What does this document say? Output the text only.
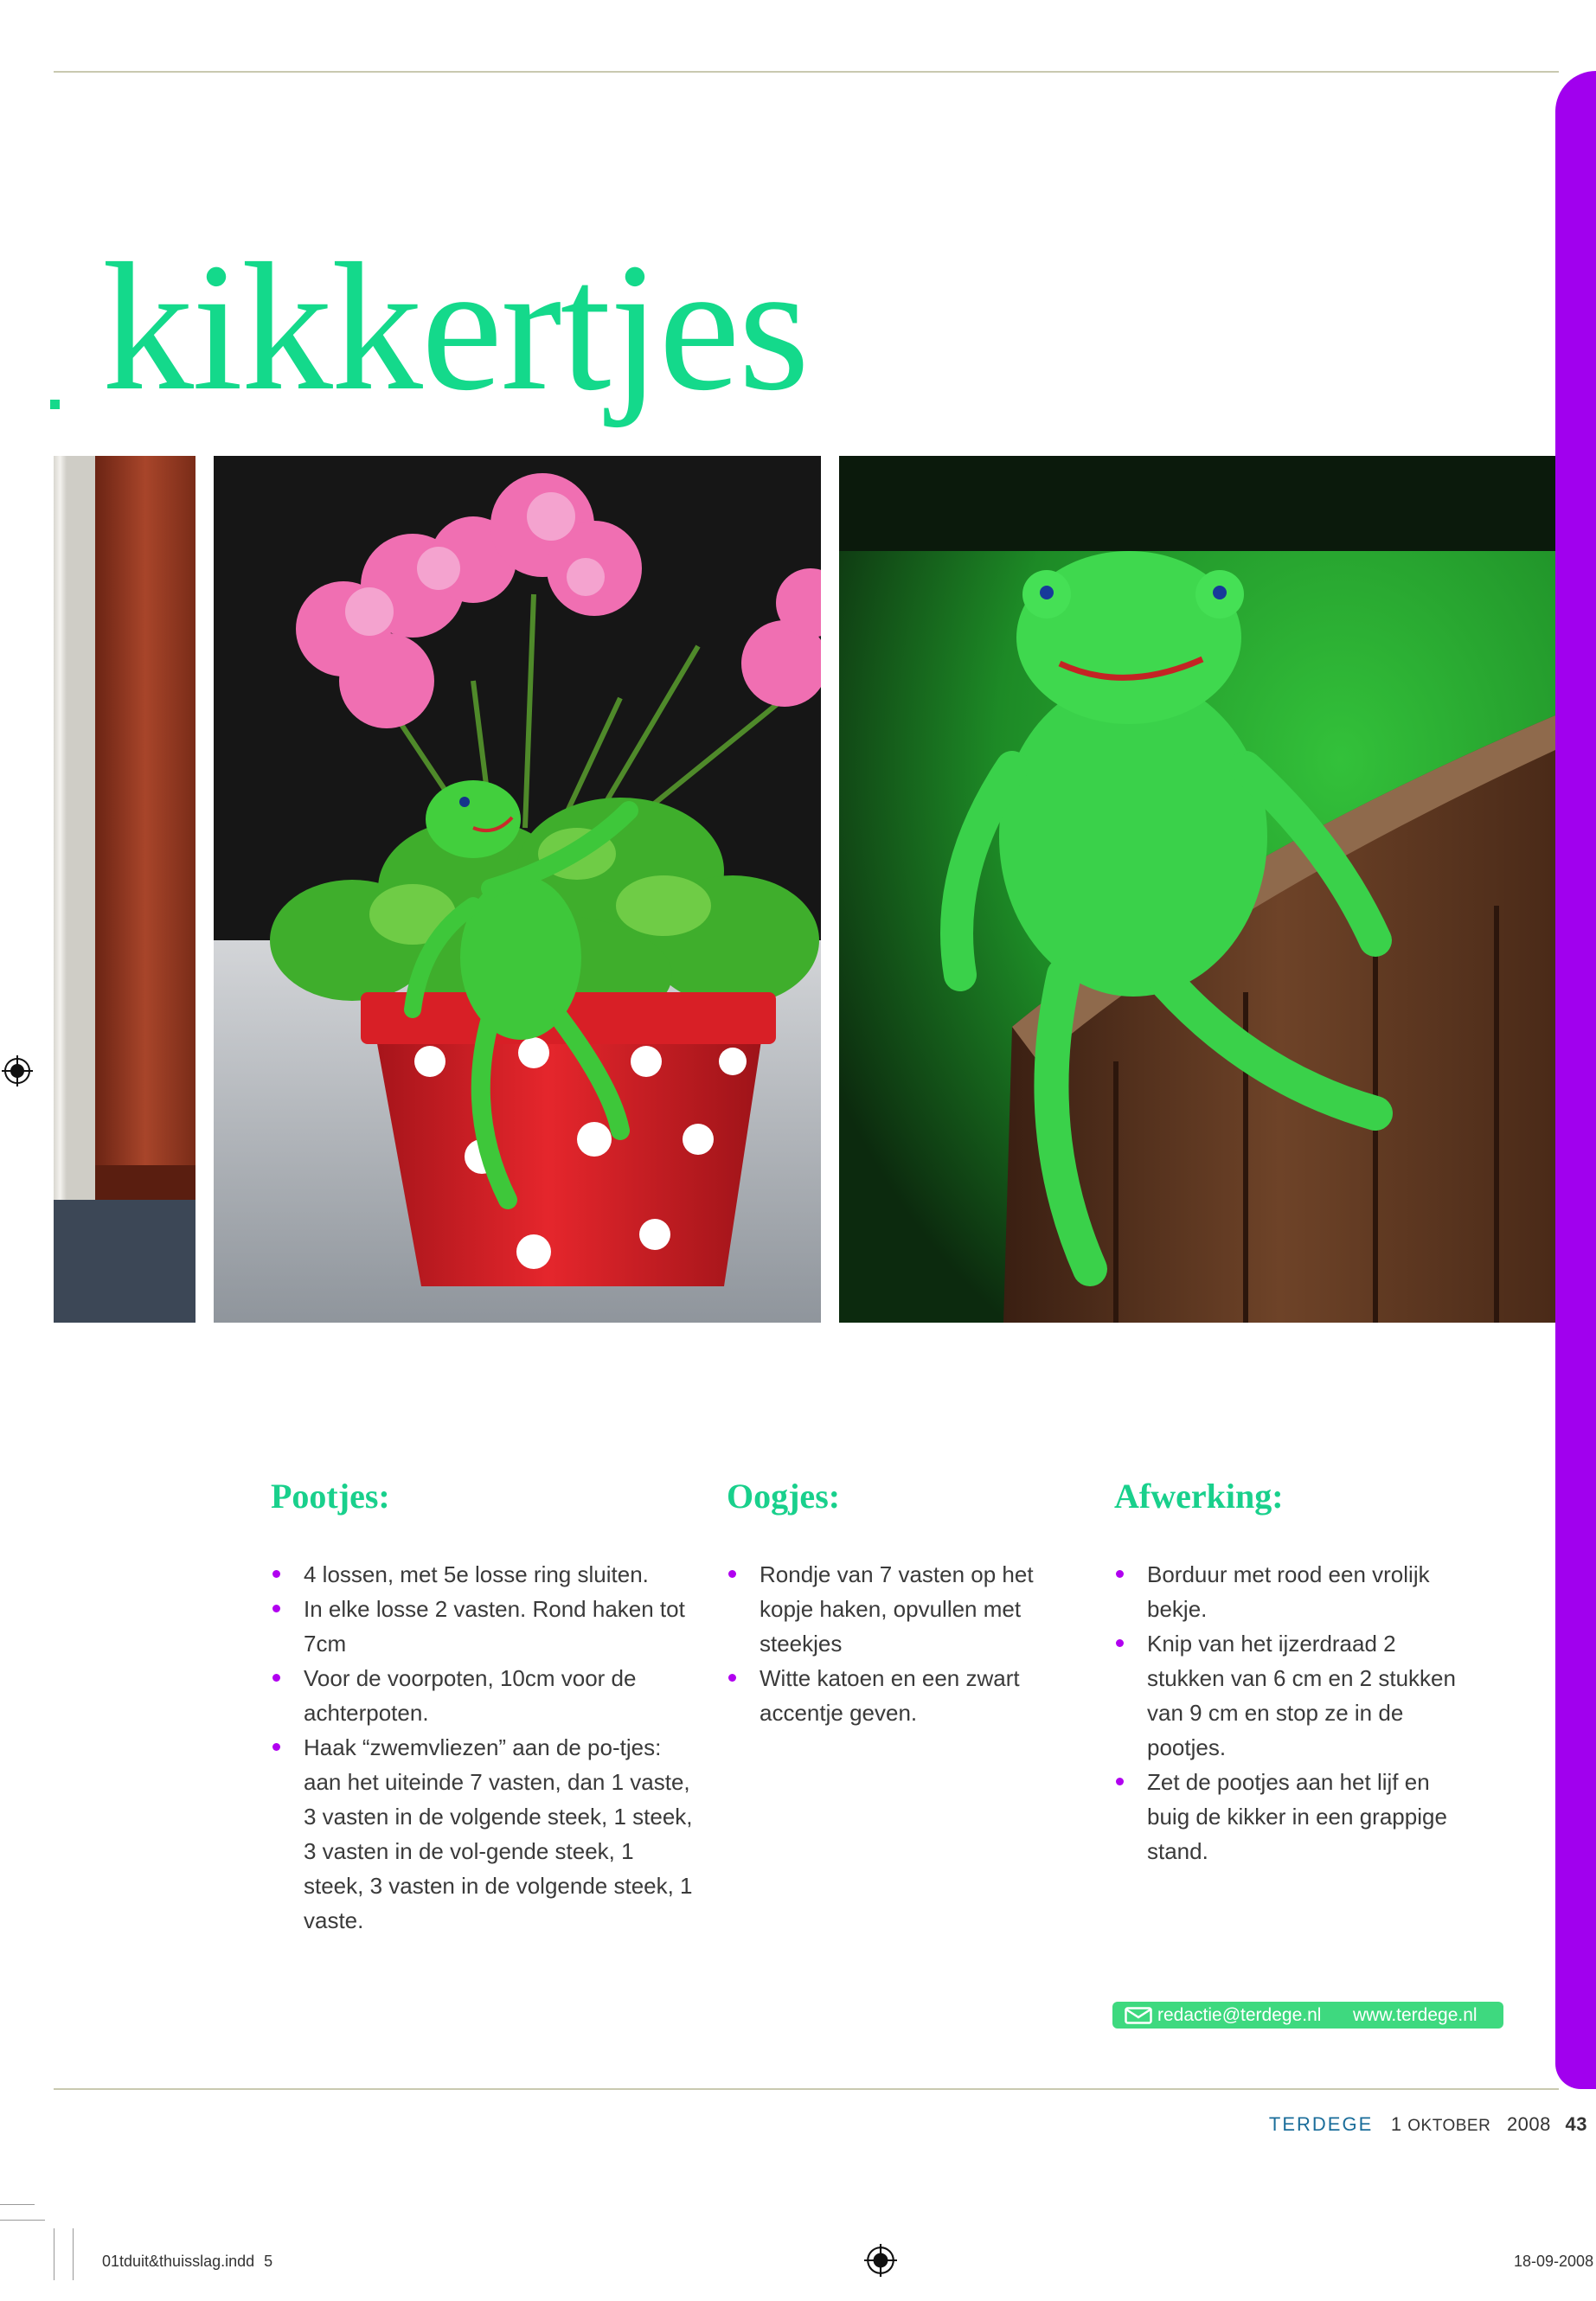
kikkertjes
Pootjes:
4 lossen, met 5e losse ring sluiten.
In elke losse 2 vasten. Rond haken tot 7cm
Voor de voorpoten, 10cm voor de achterpoten.
Haak “zwemvliezen” aan de po-tjes: aan het uiteinde 7 vasten, dan 1 vaste, 3 vasten in de volgende steek, 1 steek, 3 vasten in de vol-gende steek, 1 steek, 3 vasten in de volgende steek, 1 vaste.
Oogjes:
Rondje van 7 vasten op het kopje haken, opvullen met steekjes
Witte katoen en een zwart accentje geven.
Afwerking:
Borduur met rood een vrolijk bekje.
Knip van het ijzerdraad 2 stukken van 6 cm en 2 stukken van 9 cm en stop ze in de pootjes.
Zet de pootjes aan het lijf en buig de kikker in een grappige stand.
redactie@terdege.nl www.terdege.nl
TERDEGE 1 OKTOBER 2008 43
01tduit&thuisslag.indd 5	18-09-2008
